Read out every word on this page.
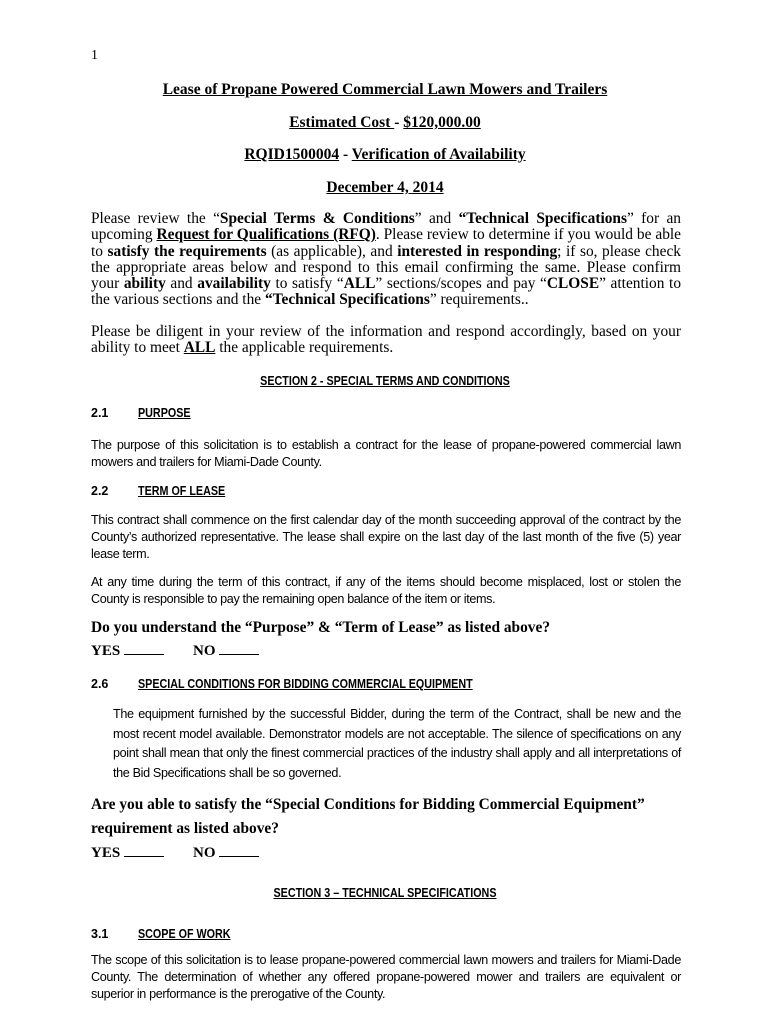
1
Lease of Propane Powered Commercial Lawn Mowers and Trailers
Estimated Cost - $120,000.00
RQID1500004 - Verification of Availability
December 4, 2014
Please review the “Special Terms & Conditions” and “Technical Specifications” for an upcoming Request for Qualifications (RFQ). Please review to determine if you would be able to satisfy the requirements (as applicable), and interested in responding; if so, please check the appropriate areas below and respond to this email confirming the same. Please confirm your ability and availability to satisfy “ALL” sections/scopes and pay “CLOSE” attention to the various sections and the “Technical Specifications” requirements..
Please be diligent in your review of the information and respond accordingly, based on your ability to meet ALL the applicable requirements.
SECTION 2 - SPECIAL TERMS AND CONDITIONS
2.1 PURPOSE
The purpose of this solicitation is to establish a contract for the lease of propane-powered commercial lawn mowers and trailers for Miami-Dade County.
2.2 TERM OF LEASE
This contract shall commence on the first calendar day of the month succeeding approval of the contract by the County’s authorized representative. The lease shall expire on the last day of the last month of the five (5) year lease term.
At any time during the term of this contract, if any of the items should become misplaced, lost or stolen the County is responsible to pay the remaining open balance of the item or items.
Do you understand the “Purpose” & “Term of Lease” as listed above?
YES	NO
2.6 SPECIAL CONDITIONS FOR BIDDING COMMERCIAL EQUIPMENT
The equipment furnished by the successful Bidder, during the term of the Contract, shall be new and the most recent model available. Demonstrator models are not acceptable. The silence of specifications on any point shall mean that only the finest commercial practices of the industry shall apply and all interpretations of the Bid Specifications shall be so governed.
Are you able to satisfy the “Special Conditions for Bidding Commercial Equipment” requirement as listed above?
YES	NO
SECTION 3 – TECHNICAL SPECIFICATIONS
3.1 SCOPE OF WORK
The scope of this solicitation is to lease propane-powered commercial lawn mowers and trailers for Miami-Dade County. The determination of whether any offered propane-powered mower and trailers are equivalent or superior in performance is the prerogative of the County.
